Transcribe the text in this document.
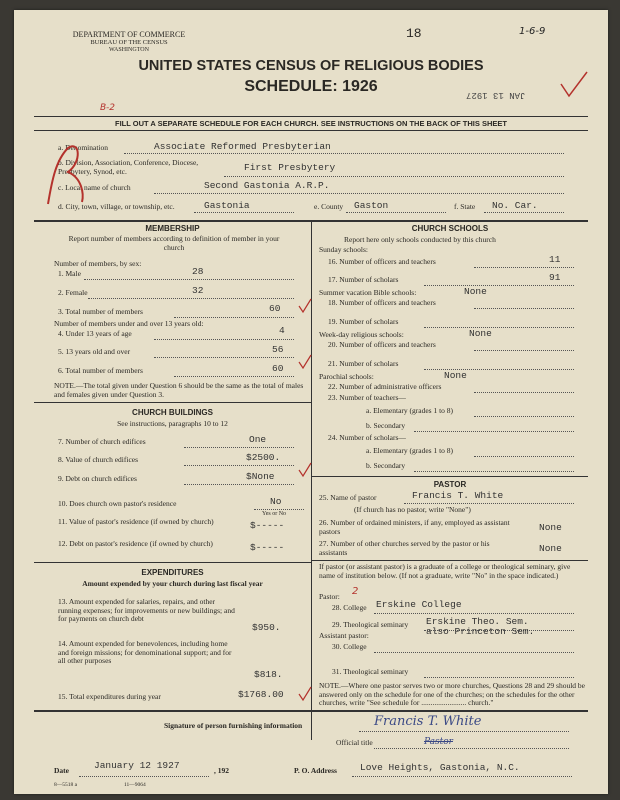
DEPARTMENT OF COMMERCE
BUREAU OF THE CENSUS
WASHINGTON
18	1-6-9
UNITED STATES CENSUS OF RELIGIOUS BODIES
SCHEDULE: 1926	JAN 13 1927
B-2
FILL OUT A SEPARATE SCHEDULE FOR EACH CHURCH. SEE INSTRUCTIONS ON THE BACK OF THIS SHEET
a. Denomination	Associate Reformed Presbyterian
b. Division, Association, Conference, Diocese, Presbytery, Synod, etc.	First Presbytery
c. Local name of church	Second Gastonia A.R.P.
d. City, town, village, or township, etc.	Gastonia	e. County Gaston	f. State No. Car.
MEMBERSHIP
Report number of members according to definition of member in your church
Number of members, by sex:
1. Male	28
2. Female	32
3. Total number of members	60
Number of members under and over 13 years old:
4. Under 13 years of age	4
5. 13 years old and over	56
6. Total number of members	60
NOTE.—The total given under Question 6 should be the same as the total of males and females given under Question 3.
CHURCH BUILDINGS
See instructions, paragraphs 10 to 12
7. Number of church edifices	One
8. Value of church edifices	$2500.
9. Debt on church edifices	$None
10. Does church own pastor's residence	No
Yes or No
11. Value of pastor's residence (if owned by church)	$-----
12. Debt on pastor's residence (if owned by church)	$-----
EXPENDITURES
Amount expended by your church during last fiscal year
13. Amount expended for salaries, repairs, and other running expenses; for improvements or new buildings; and for payments on church debt
$950.
14. Amount expended for benevolences, including home and foreign missions; for denominational support; and for all other purposes
$818.
15. Total expenditures during year	$1768.00
CHURCH SCHOOLS
Report here only schools conducted by this church
Sunday schools:
16. Number of officers and teachers	11
17. Number of scholars	91
Summer vacation Bible schools:	None
18. Number of officers and teachers
19. Number of scholars
Week-day religious schools:	None
20. Number of officers and teachers
21. Number of scholars
Parochial schools:	None
22. Number of administrative officers
23. Number of teachers—
a. Elementary (grades 1 to 8)
b. Secondary
24. Number of scholars—
a. Elementary (grades 1 to 8)
b. Secondary
PASTOR
25. Name of pastor	Francis T. White
(If church has no pastor, write "None")
26. Number of ordained ministers, if any, employed as assistant pastors	None
27. Number of other churches served by the pastor or his assistants	None
If pastor (or assistant pastor) is a graduate of a college or theological seminary, give name of institution below. (If not a graduate, write "No" in the space indicated.)
Pastor: 2
28. College Erskine College
29. Theological seminary Erskine Theo. Sem.
also Princeton Sem.
Assistant pastor:
30. College
31. Theological seminary
NOTE.—Where one pastor serves two or more churches, Questions 28 and 29 should be answered only on the schedule for one of the churches; on the schedules for the other churches, write "See schedule for ........................ church."
Signature of person furnishing information	Francis T. White
Official title	Pastor
Date	January 12 1927	, 192	P. O. Address Love Heights, Gastonia, N.C.
8—5518 a	11—9064
